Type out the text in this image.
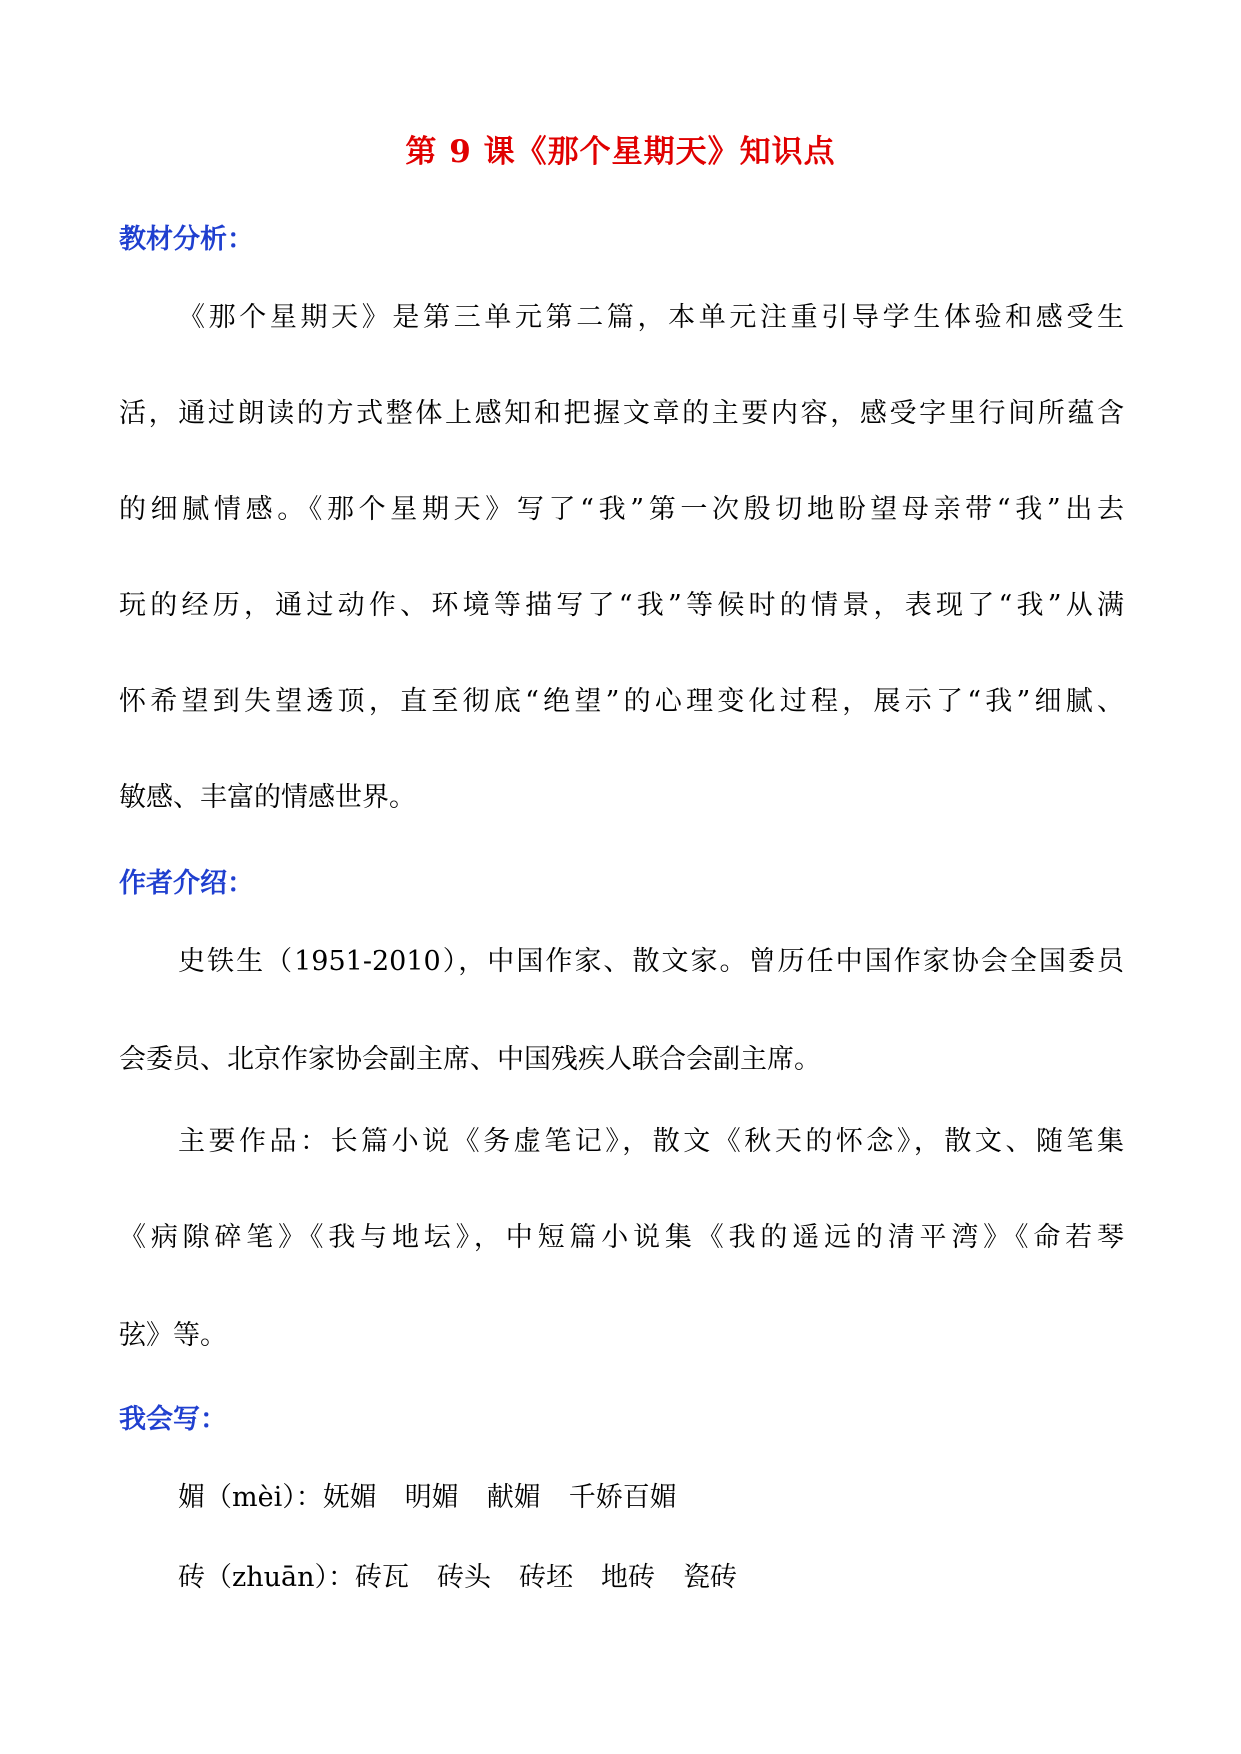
第 9 课《那个星期天》知识点
教材分析：
《那个星期天》是第三单元第二篇，本单元注重引导学生体验和感受生
活，通过朗读的方式整体上感知和把握文章的主要内容，感受字里行间所蕴含
的细腻情感。《那个星期天》写了“我”第一次殷切地盼望母亲带“我”出去
玩的经历，通过动作、环境等描写了“我”等候时的情景，表现了“我”从满
怀希望到失望透顶，直至彻底“绝望”的心理变化过程，展示了“我”细腻、
敏感、丰富的情感世界。
作者介绍：
史铁生（1951-2010），中国作家、散文家。曾历任中国作家协会全国委员
会委员、北京作家协会副主席、中国残疾人联合会副主席。
主要作品：长篇小说《务虚笔记》，散文《秋天的怀念》，散文、随笔集
《病隙碎笔》《我与地坛》，中短篇小说集《我的遥远的清平湾》《命若琴
弦》等。
我会写：
媚（mèi）：妩媚 明媚 献媚 千娇百媚
砖（zhuān）：砖瓦 砖头 砖坯 地砖 瓷砖
